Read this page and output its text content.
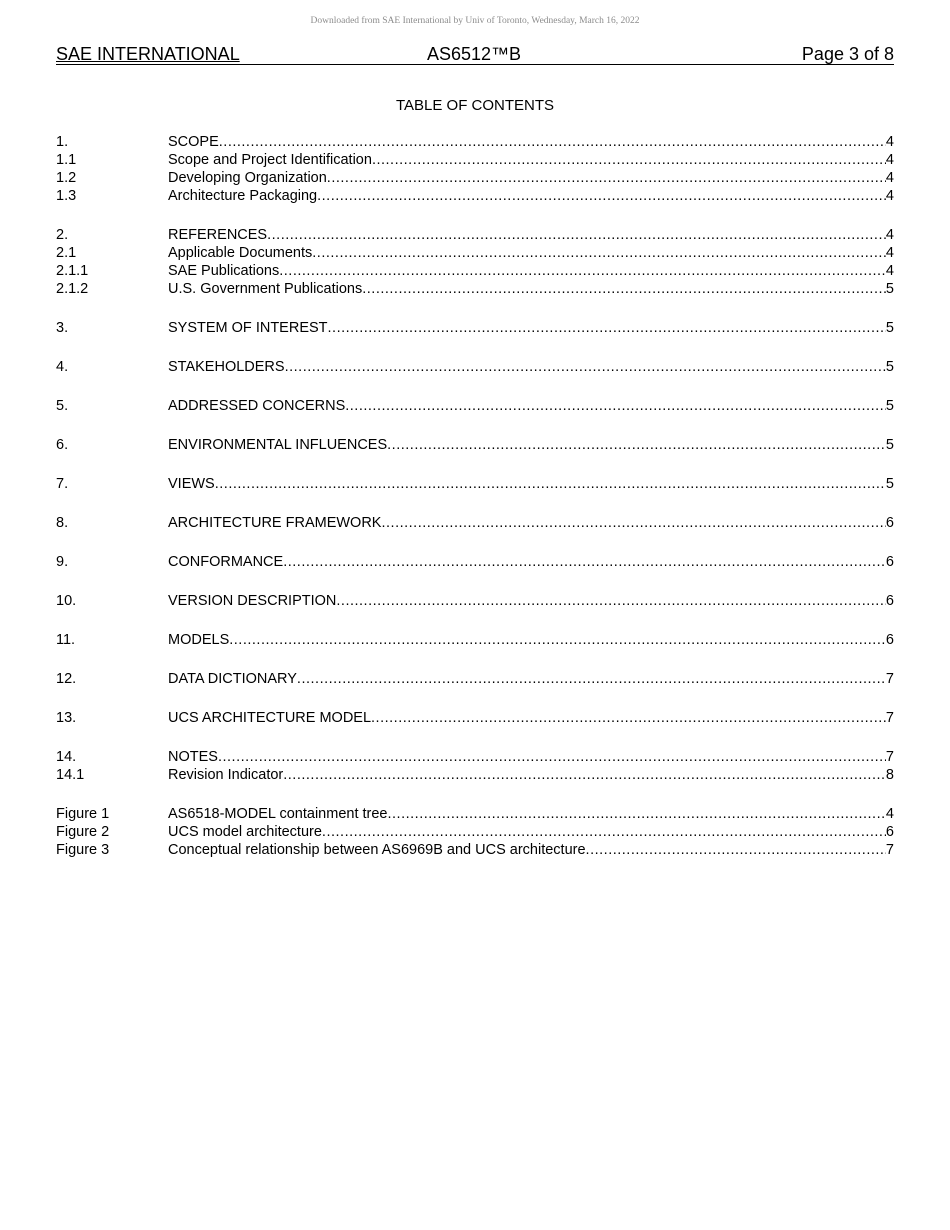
Downloaded from SAE International by Univ of Toronto, Wednesday, March 16, 2022
SAE INTERNATIONAL	AS6512™B	Page 3 of 8
TABLE OF CONTENTS
1.	SCOPE .....	4
1.1	Scope and Project Identification .....	4
1.2	Developing Organization .....	4
1.3	Architecture Packaging .....	4
2.	REFERENCES .....	4
2.1	Applicable Documents .....	4
2.1.1	SAE Publications .....	4
2.1.2	U.S. Government Publications .....	5
3.	SYSTEM OF INTEREST .....	5
4.	STAKEHOLDERS .....	5
5.	ADDRESSED CONCERNS .....	5
6.	ENVIRONMENTAL INFLUENCES .....	5
7.	VIEWS .....	5
8.	ARCHITECTURE FRAMEWORK .....	6
9.	CONFORMANCE .....	6
10.	VERSION DESCRIPTION .....	6
11.	MODELS .....	6
12.	DATA DICTIONARY .....	7
13.	UCS ARCHITECTURE MODEL .....	7
14.	NOTES .....	7
14.1	Revision Indicator .....	8
Figure 1	AS6518-MODEL containment tree .....	4
Figure 2	UCS model architecture .....	6
Figure 3	Conceptual relationship between AS6969B and UCS architecture .....	7
